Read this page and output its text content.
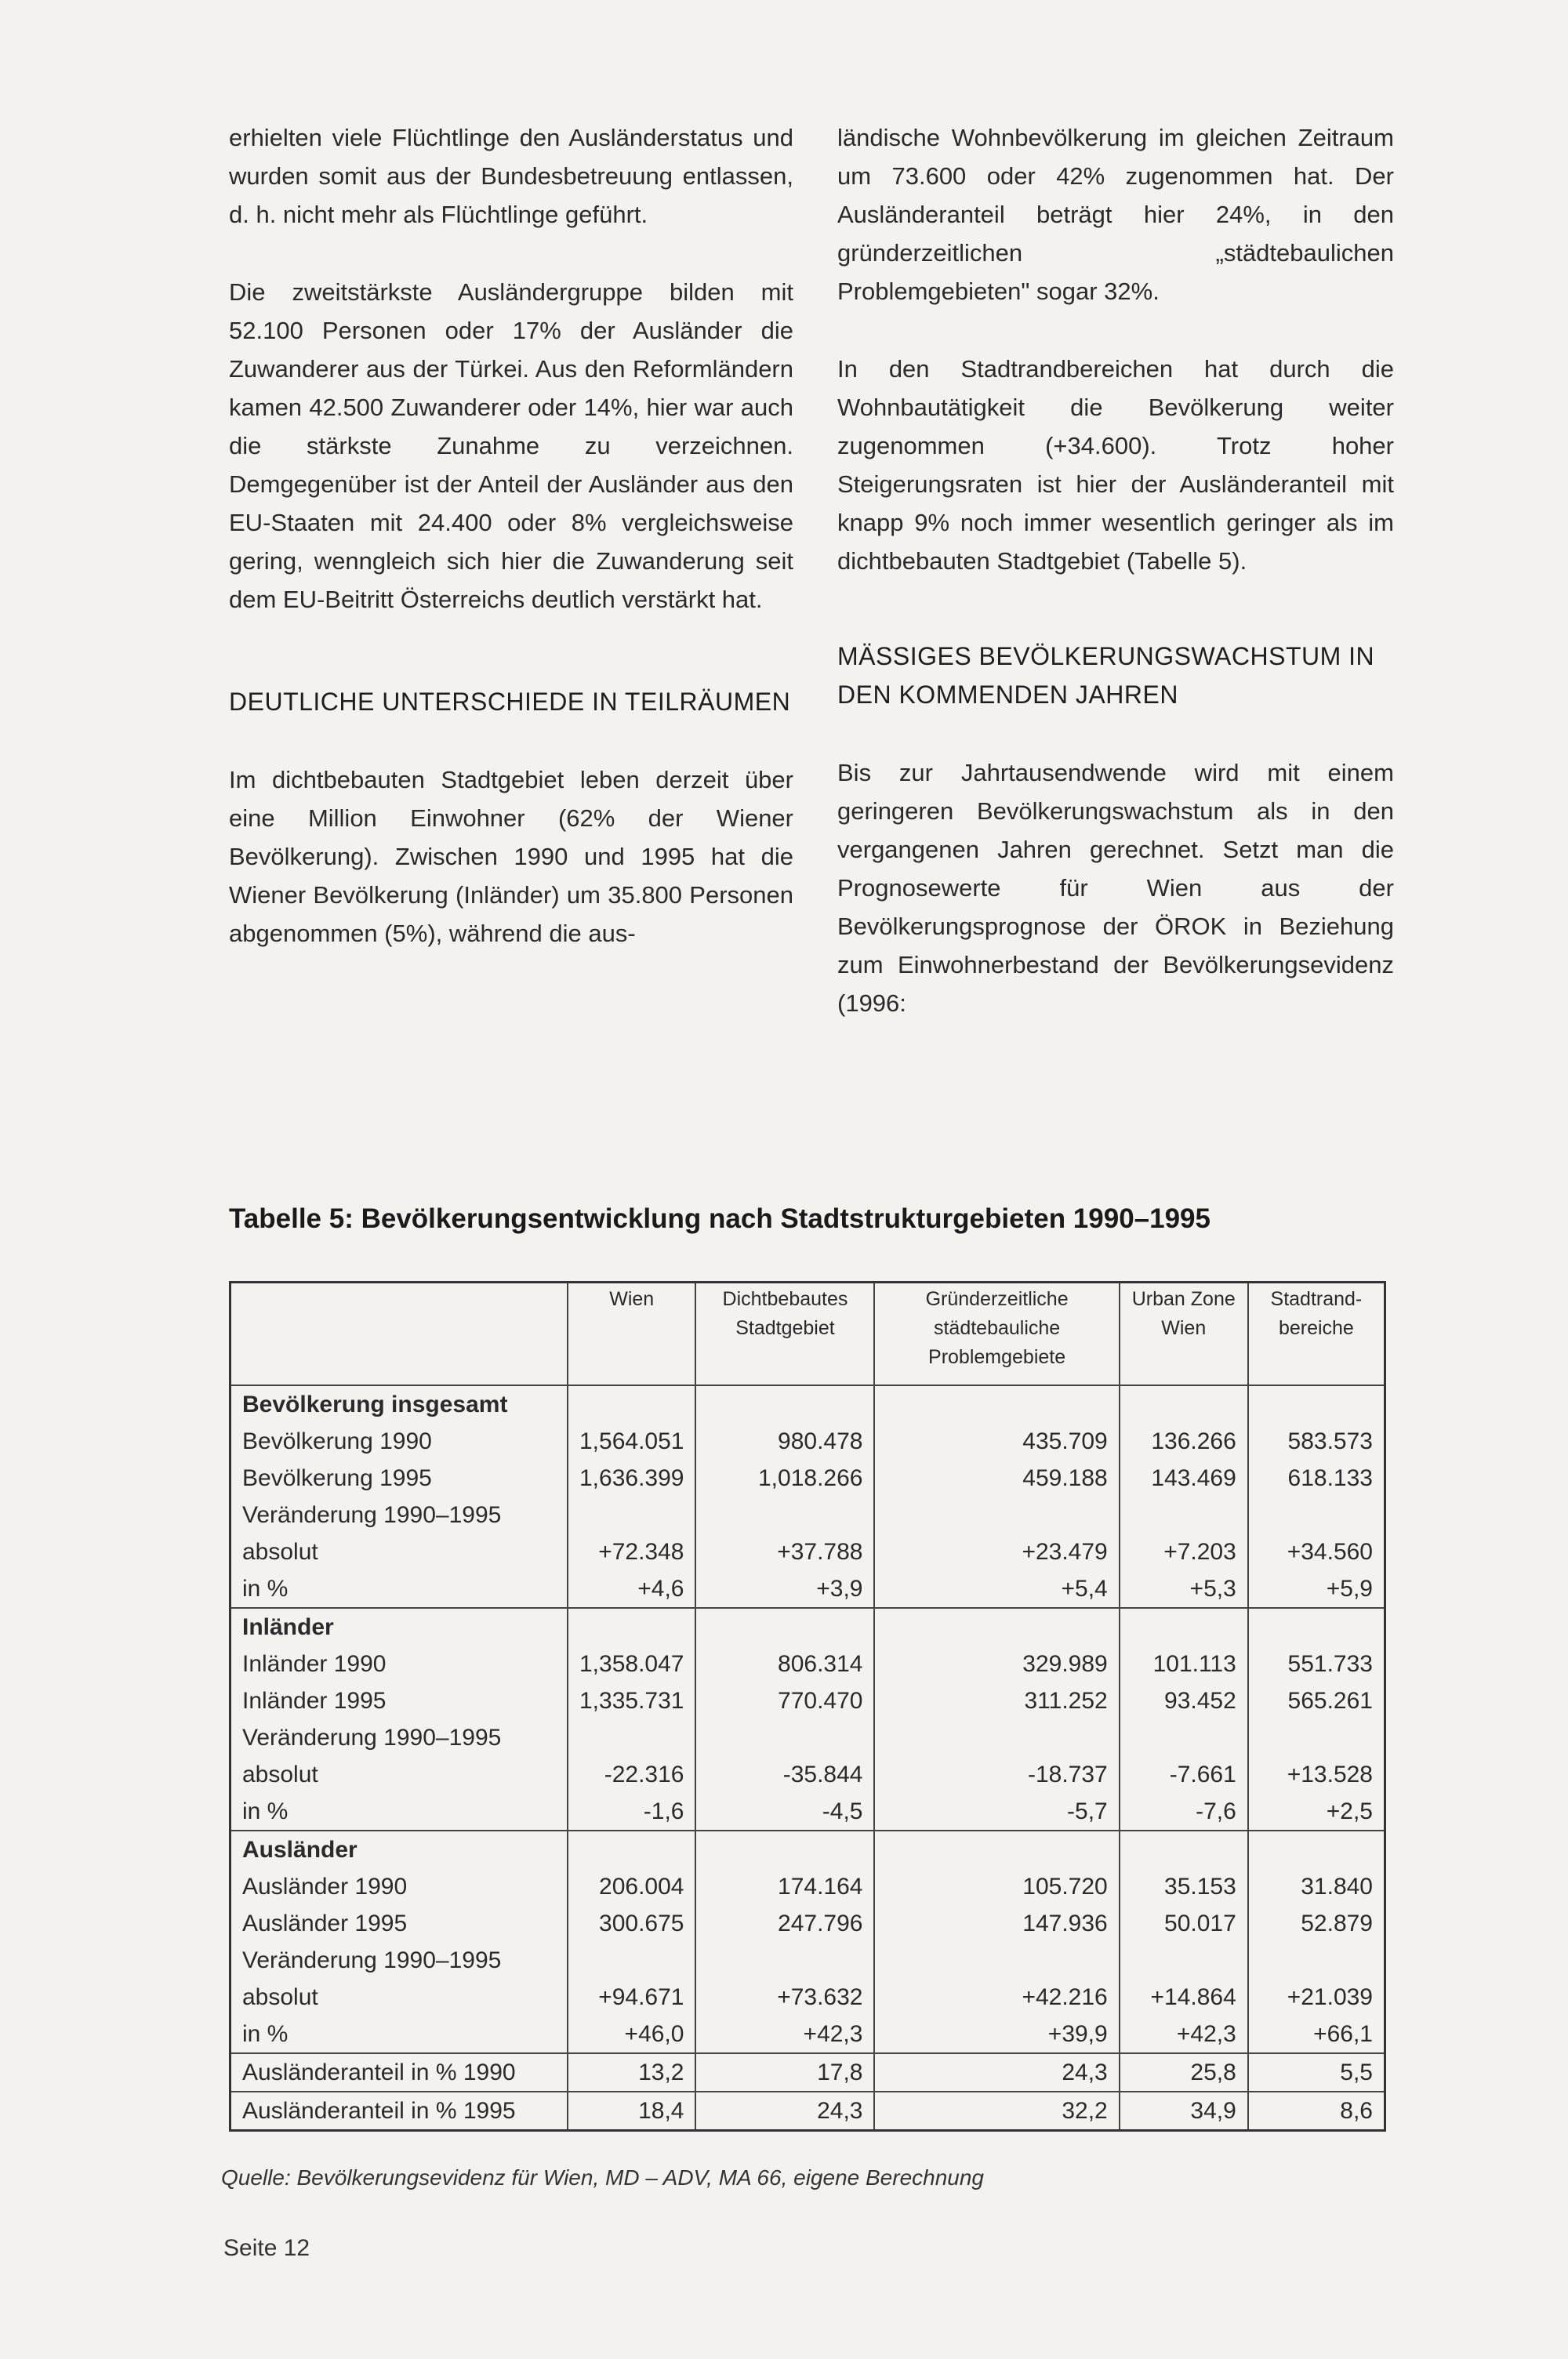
erhielten viele Flüchtlinge den Ausländerstatus und wurden somit aus der Bundesbetreuung entlassen, d. h. nicht mehr als Flüchtlinge geführt.

Die zweitstärkste Ausländergruppe bilden mit 52.100 Personen oder 17% der Ausländer die Zuwanderer aus der Türkei. Aus den Reformländern kamen 42.500 Zuwanderer oder 14%, hier war auch die stärkste Zunahme zu verzeichnen. Demgegenüber ist der Anteil der Ausländer aus den EU-Staaten mit 24.400 oder 8% vergleichsweise gering, wenngleich sich hier die Zuwanderung seit dem EU-Beitritt Österreichs deutlich verstärkt hat.

DEUTLICHE UNTERSCHIEDE IN TEILRÄUMEN

Im dichtbebauten Stadtgebiet leben derzeit über eine Million Einwohner (62% der Wiener Bevölkerung). Zwischen 1990 und 1995 hat die Wiener Bevölkerung (Inländer) um 35.800 Personen abgenommen (5%), während die aus-

ländische Wohnbevölkerung im gleichen Zeitraum um 73.600 oder 42% zugenommen hat. Der Ausländeranteil beträgt hier 24%, in den gründerzeitlichen „städtebaulichen Problemgebieten" sogar 32%.

In den Stadtrandbereichen hat durch die Wohnbautätigkeit die Bevölkerung weiter zugenommen (+34.600). Trotz hoher Steigerungsraten ist hier der Ausländeranteil mit knapp 9% noch immer wesentlich geringer als im dichtbebauten Stadtgebiet (Tabelle 5).

MÄSSIGES BEVÖLKERUNGSWACHSTUM IN DEN KOMMENDEN JAHREN

Bis zur Jahrtausendwende wird mit einem geringeren Bevölkerungswachstum als in den vergangenen Jahren gerechnet. Setzt man die Prognosewerte für Wien aus der Bevölkerungsprognose der ÖROK in Beziehung zum Einwohnerbestand der Bevölkerungsevidenz (1996:

Tabelle 5: Bevölkerungsentwicklung nach Stadtstrukturgebieten 1990–1995
	Wien	Dichtbebautes Stadtgebiet	Gründerzeitliche städtebauliche Problemgebiete	Urban Zone Wien	Stadtrand-bereiche
Bevölkerung insgesamt					
Bevölkerung 1990	1,564.051	980.478	435.709	136.266	583.573
Bevölkerung 1995	1,636.399	1,018.266	459.188	143.469	618.133
Veränderung 1990–1995					
absolut	+72.348	+37.788	+23.479	+7.203	+34.560
in %	+4,6	+3,9	+5,4	+5,3	+5,9
Inländer					
Inländer 1990	1,358.047	806.314	329.989	101.113	551.733
Inländer 1995	1,335.731	770.470	311.252	93.452	565.261
Veränderung 1990–1995					
absolut	-22.316	-35.844	-18.737	-7.661	+13.528
in %	-1,6	-4,5	-5,7	-7,6	+2,5
Ausländer					
Ausländer 1990	206.004	174.164	105.720	35.153	31.840
Ausländer 1995	300.675	247.796	147.936	50.017	52.879
Veränderung 1990–1995					
absolut	+94.671	+73.632	+42.216	+14.864	+21.039
in %	+46,0	+42,3	+39,9	+42,3	+66,1
Ausländeranteil in % 1990	13,2	17,8	24,3	25,8	5,5
Ausländeranteil in % 1995	18,4	24,3	32,2	34,9	8,6
Quelle: Bevölkerungsevidenz für Wien, MD – ADV, MA 66, eigene Berechnung
Seite 12
